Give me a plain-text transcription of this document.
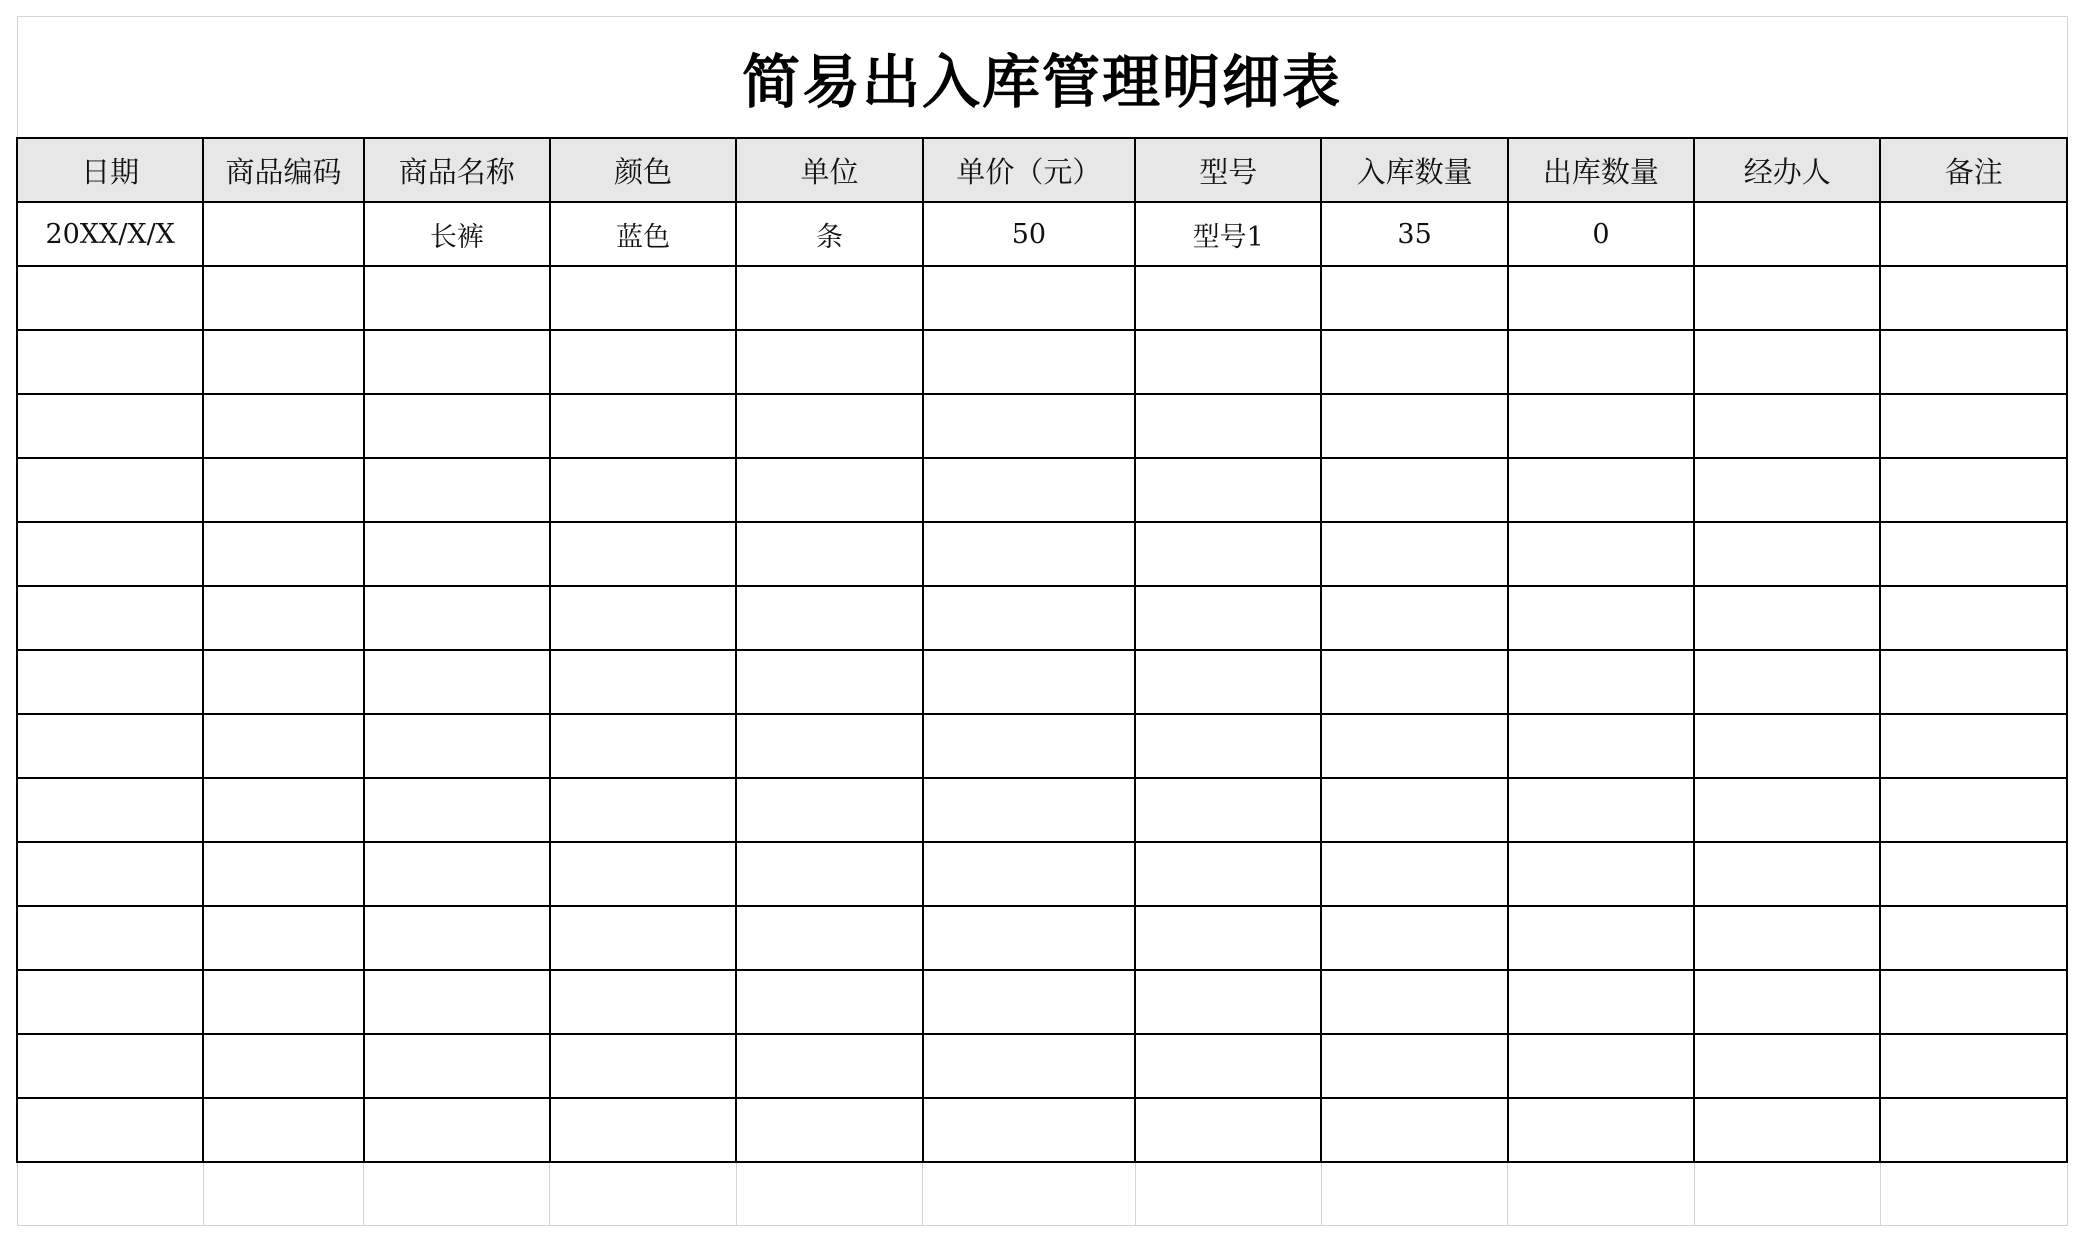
简易出入库管理明细表										
日期	商品编码	商品名称	颜色	单位	单价（元）	型号	入库数量	出库数量	经办人	备注
20XX/X/X		长裤	蓝色	条	50	型号1	35	0		
